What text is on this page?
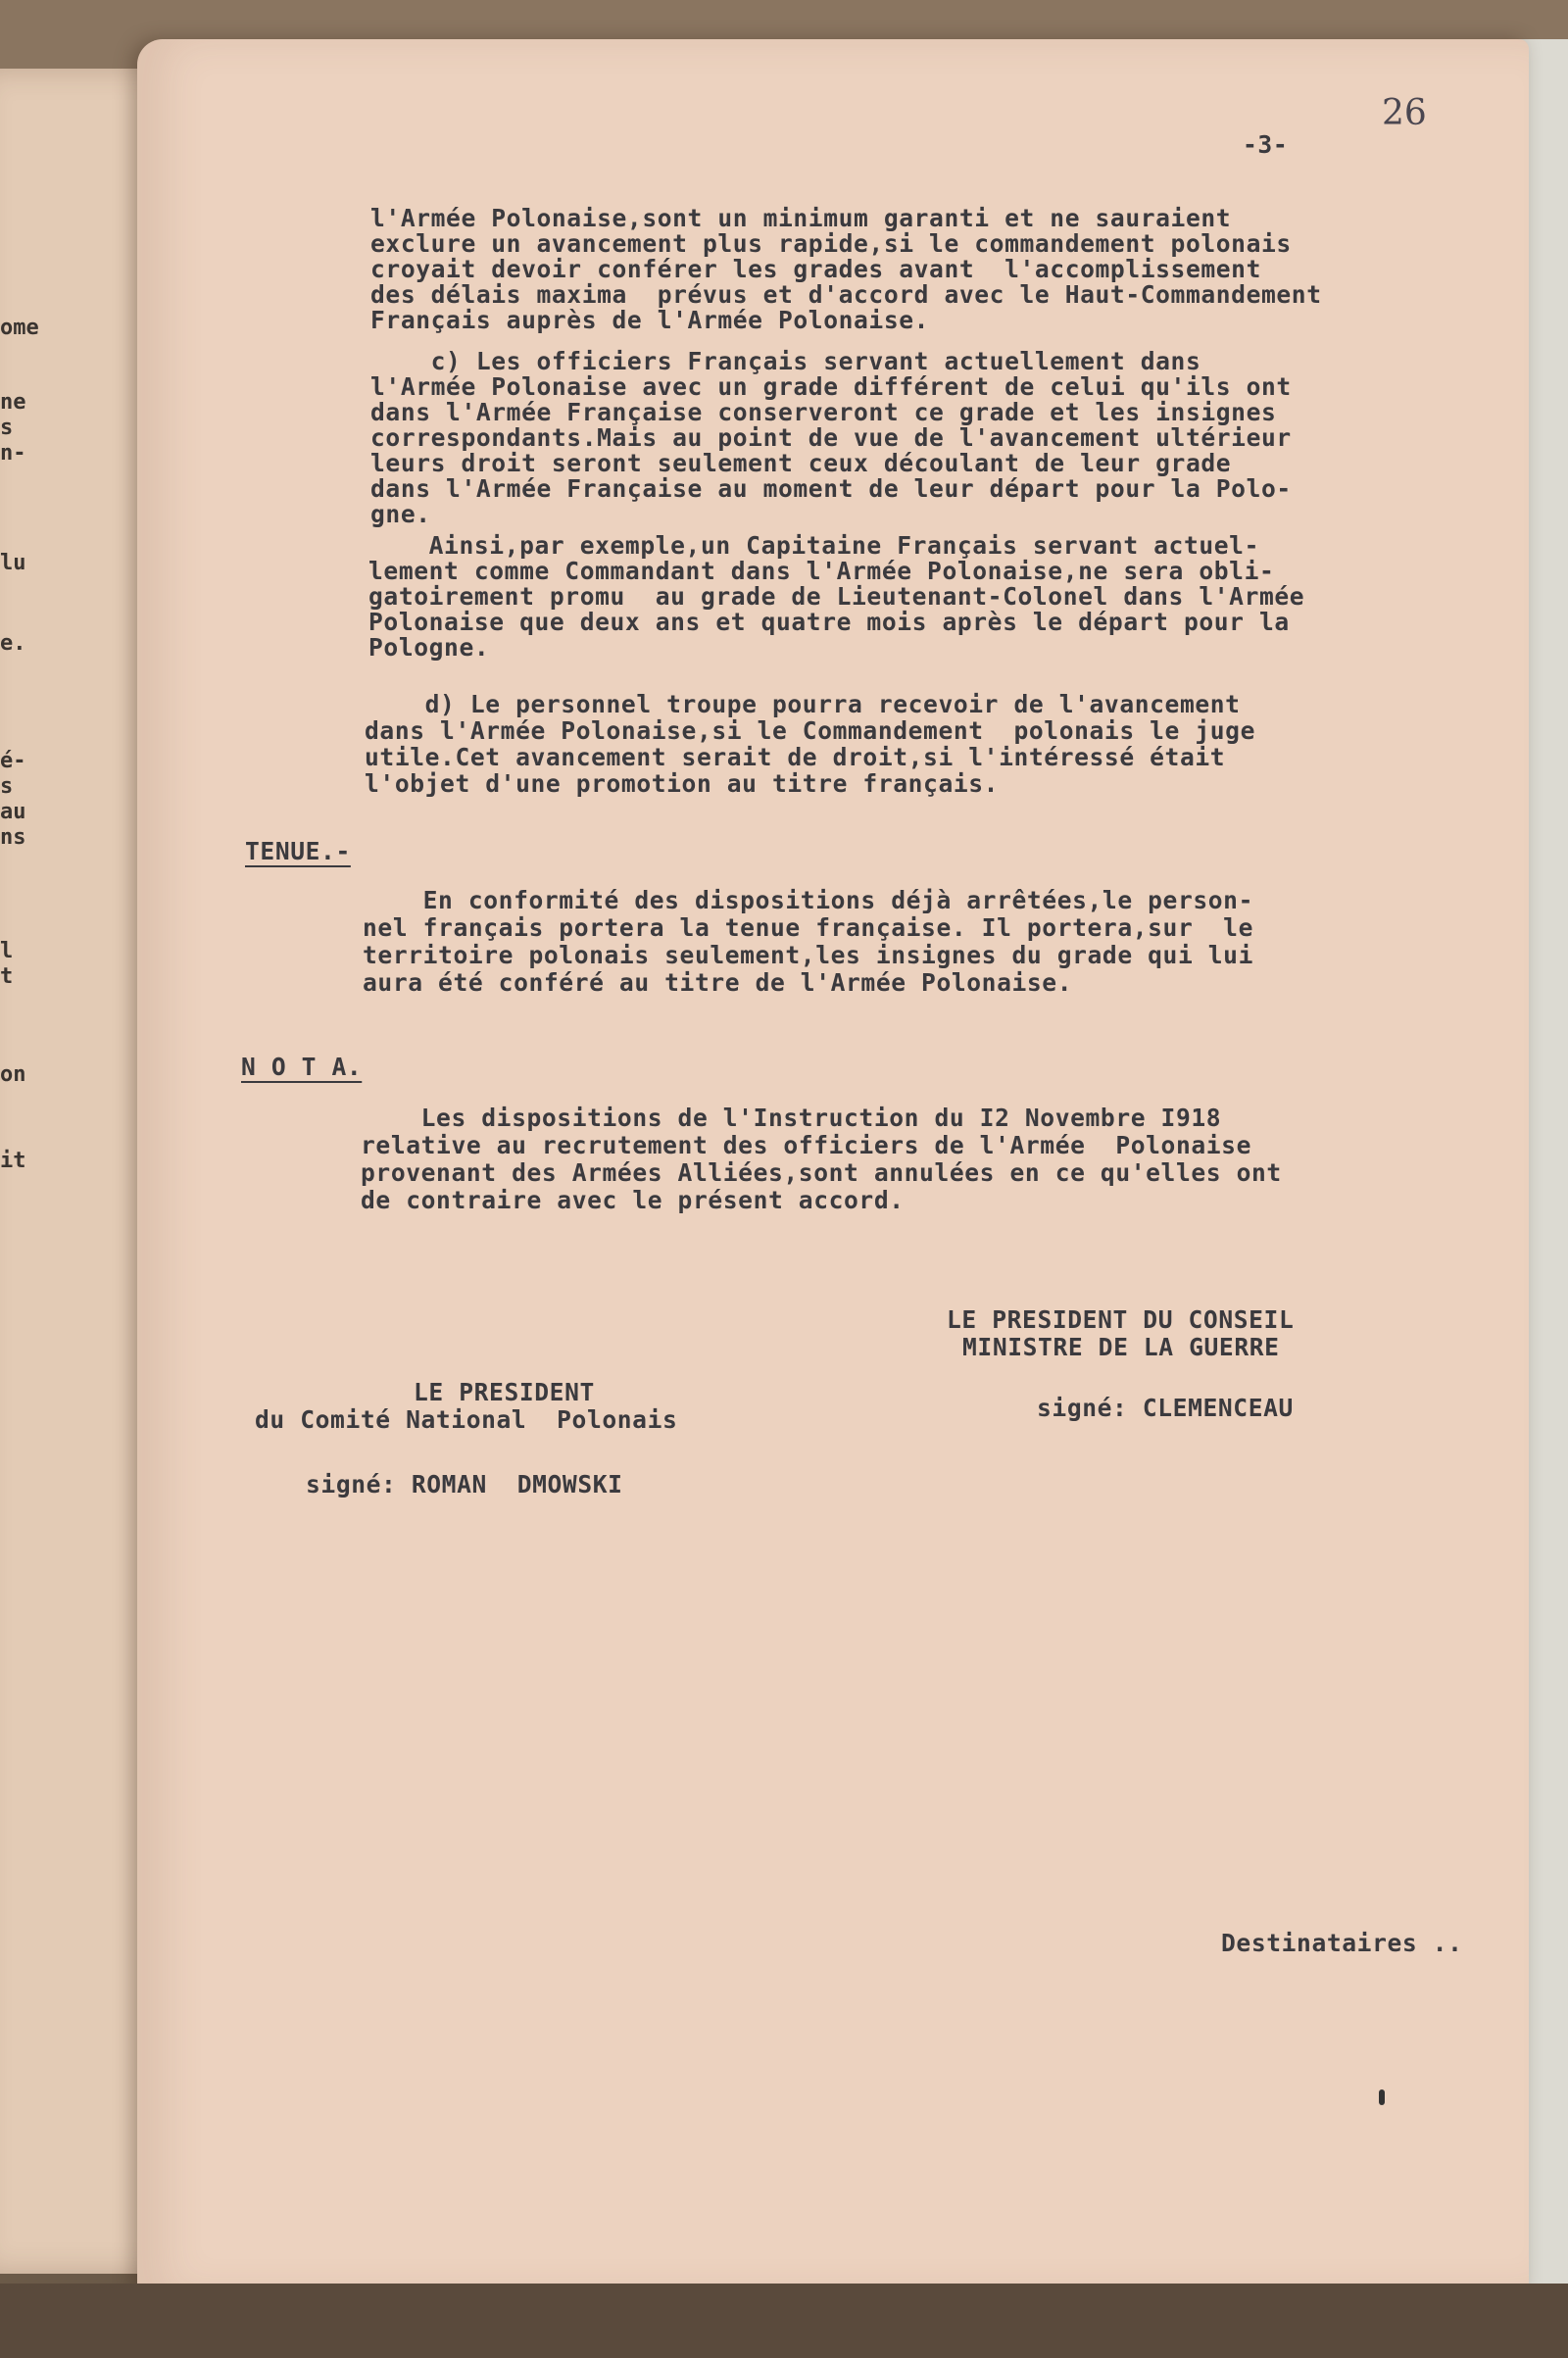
ome
ne
s
n-
lu
e.
é-
s
au
ns
l
t
on
it
26
-3-
l'Armée Polonaise,sont un minimum garanti et ne sauraient
exclure un avancement plus rapide,si le commandement polonais
croyait devoir conférer les grades avant  l'accomplissement
des délais maxima  prévus et d'accord avec le Haut-Commandement
Français auprès de l'Armée Polonaise.
c) Les officiers Français servant actuellement dans
l'Armée Polonaise avec un grade différent de celui qu'ils ont
dans l'Armée Française conserveront ce grade et les insignes
correspondants.Mais au point de vue de l'avancement ultérieur
leurs droit seront seulement ceux découlant de leur grade
dans l'Armée Française au moment de leur départ pour la Polo-
gne.
Ainsi,par exemple,un Capitaine Français servant actuel-
lement comme Commandant dans l'Armée Polonaise,ne sera obli-
gatoirement promu  au grade de Lieutenant-Colonel dans l'Armée
Polonaise que deux ans et quatre mois après le départ pour la
Pologne.
d) Le personnel troupe pourra recevoir de l'avancement
dans l'Armée Polonaise,si le Commandement  polonais le juge
utile.Cet avancement serait de droit,si l'intéressé était
l'objet d'une promotion au titre français.
TENUE.-
En conformité des dispositions déjà arrêtées,le person-
nel français portera la tenue française. Il portera,sur  le
territoire polonais seulement,les insignes du grade qui lui
aura été conféré au titre de l'Armée Polonaise.
N O T A.
Les dispositions de l'Instruction du I2 Novembre I918
relative au recrutement des officiers de l'Armée  Polonaise
provenant des Armées Alliées,sont annulées en ce qu'elles ont
de contraire avec le présent accord.
LE PRESIDENT DU CONSEIL
MINISTRE DE LA GUERRE
signé: CLEMENCEAU
LE PRESIDENT
du Comité National  Polonais
signé: ROMAN  DMOWSKI
Destinataires ..
